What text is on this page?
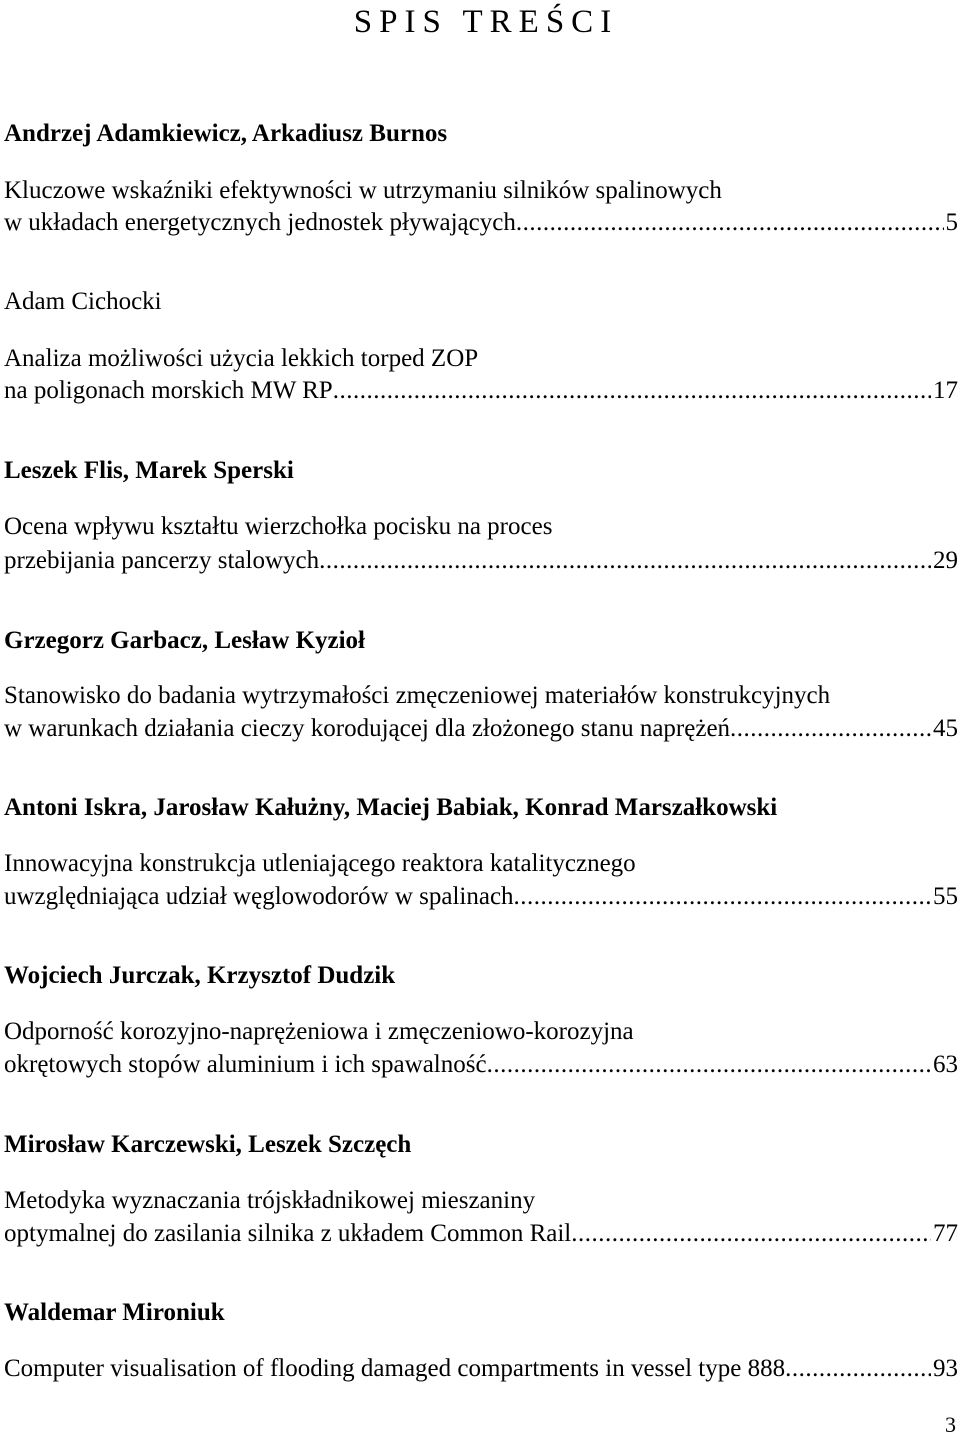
SPIS TREŚCI
Andrzej Adamkiewicz, Arkadiusz Burnos
Kluczowe wskaźniki efektywności w utrzymaniu silników spalinowych
w układach energetycznych jednostek pływających .....	5
Adam Cichocki
Analiza możliwości użycia lekkich torped ZOP
na poligonach morskich MW RP .....	17
Leszek Flis, Marek Sperski
Ocena wpływu kształtu wierzchołka pocisku na proces
przebijania pancerzy stalowych .....	29
Grzegorz Garbacz, Lesław Kyzioł
Stanowisko do badania wytrzymałości zmęczeniowej materiałów konstrukcyjnych
w warunkach działania cieczy korodującej dla złożonego stanu naprężeń .....	45
Antoni Iskra, Jarosław Kałużny, Maciej Babiak, Konrad Marszałkowski
Innowacyjna konstrukcja utleniającego reaktora katalitycznego
uwzględniająca udział węglowodorów w spalinach .....	55
Wojciech Jurczak, Krzysztof Dudzik
Odporność korozyjno-naprężeniowa i zmęczeniowo-korozyjna
okrętowych stopów aluminium i ich spawalność .....	63
Mirosław Karczewski, Leszek Szczęch
Metodyka wyznaczania trójskładnikowej mieszaniny
optymalnej do zasilania silnika z układem Common Rail .....	77
Waldemar Mironiuk
Computer visualisation of flooding damaged compartments in vessel type 888 .....	93
3
